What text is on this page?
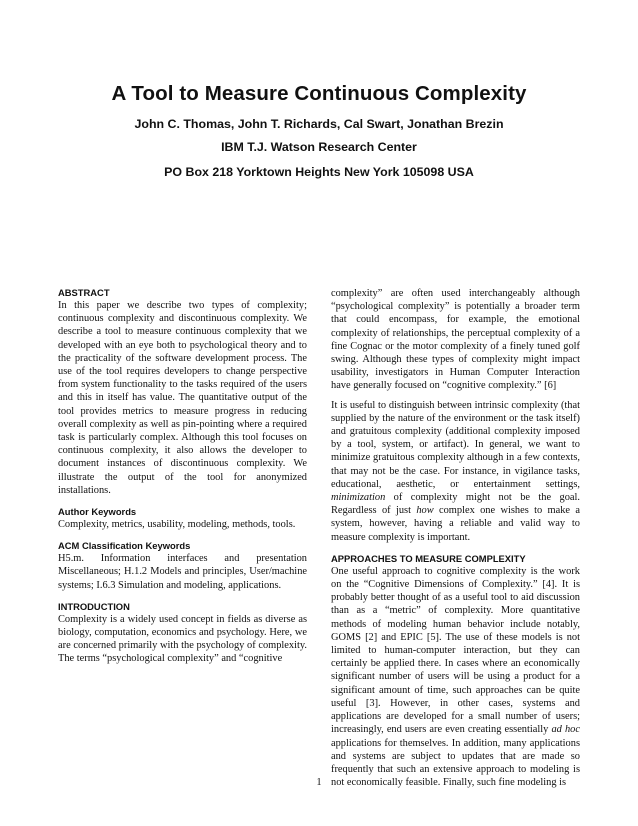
A Tool to Measure Continuous Complexity
John C. Thomas, John T. Richards, Cal Swart, Jonathan Brezin
IBM T.J. Watson Research Center
PO Box 218 Yorktown Heights New York 105098 USA
ABSTRACT

In this paper we describe two types of complexity; continuous complexity and discontinuous complexity. We describe a tool to measure continuous complexity that we developed with an eye both to psychological theory and to the practicality of the software development process. The use of the tool requires developers to change perspective from system functionality to the tasks required of the users and this in itself has value. The quantitative output of the tool provides metrics to measure progress in reducing overall complexity as well as pin-pointing where a required task is particularly complex. Although this tool focuses on continuous complexity, it also allows the developer to document instances of discontinuous complexity. We illustrate the output of the tool for anonymized installations.

Author Keywords

Complexity, metrics, usability, modeling, methods, tools.

ACM Classification Keywords

H5.m. Information interfaces and presentation Miscellaneous; H.1.2 Models and principles, User/machine systems; I.6.3 Simulation and modeling, applications.

INTRODUCTION

Complexity is a widely used concept in fields as diverse as biology, computation, economics and psychology. Here, we are concerned primarily with the psychology of complexity. The terms “psychological complexity” and “cognitive

complexity” are often used interchangeably although “psychological complexity” is potentially a broader term that could encompass, for example, the emotional complexity of relationships, the perceptual complexity of a fine Cognac or the motor complexity of a finely tuned golf swing. Although these types of complexity might impact usability, investigators in Human Computer Interaction have generally focused on “cognitive complexity.” [6]

It is useful to distinguish between intrinsic complexity (that supplied by the nature of the environment or the task itself) and gratuitous complexity (additional complexity imposed by a tool, system, or artifact). In general, we want to minimize gratuitous complexity although in a few contexts, that may not be the case. For instance, in vigilance tasks, educational, aesthetic, or entertainment settings, minimization of complexity might not be the goal. Regardless of just how complex one wishes to make a system, however, having a reliable and valid way to measure complexity is important.

APPROACHES TO MEASURE COMPLEXITY

One useful approach to cognitive complexity is the work on the “Cognitive Dimensions of Complexity.” [4]. It is probably better thought of as a useful tool to aid discussion than as a “metric” of complexity. More quantitative methods of modeling human behavior include notably, GOMS [2] and EPIC [5]. The use of these models is not limited to human-computer interaction, but they can certainly be applied there. In cases where an economically significant number of users will be using a product for a significant amount of time, such approaches can be quite useful [3]. However, in other cases, systems and applications are developed for a small number of users; increasingly, end users are even creating essentially ad hoc applications for themselves. In addition, many applications and systems are subject to updates that are made so frequently that such an extensive approach to modeling is not economically feasible. Finally, such fine modeling is

1
